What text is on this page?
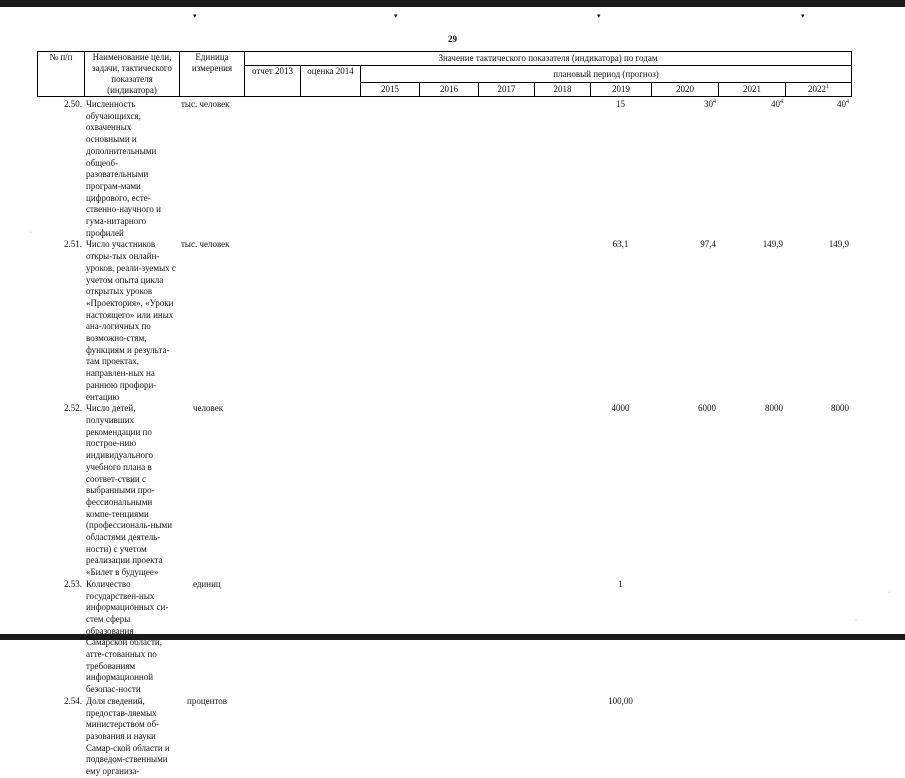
▾	▾	▾	▾
·
·
·
29
№ п/п	Наименование цели, задачи, тактического показателя (индикатора)	Единица измерения	Значение тактического показателя (индикатора) по годам									
			отчет 2013	оценка 2014	плановый период (прогноз)							
					2015	2016	2017	2018	2019	2020	2021	2022$^1$
2.50.	Численность обучающихся, охваченных основными и дополнительными общеоб-разовательными програм-мами цифрового, есте-ственно-научного и гума-нитарного профилей	тыс. человек							15	$30^4$	$40^4$	$40^4$
2.51.	Число участников откры-тых онлайн-уроков, реали-зуемых с учетом опыта цикла открытых уроков «Проектория», «Уроки настоящего» или иных ана-логичных по возможно-стям, функциям и результа-там проектах, направлен-ных на раннюю профори-ентацию	тыс. человек							63,1	97,4	149,9	149,9
2.52.	Число детей, получивших рекомендации по построе-нию индивидуального учебного плана в соответ-ствии с выбранными про-фессиональными компе-тенциями (профессиональ-ными областями деятель-ности) с учетом реализации проекта «Билет в будущее»	человек							4000	6000	8000	8000
2.53.	Количество государствен-ных информационных си-стем сферы образования Самарской области, атте-стованных по требованиям информационной безопас-ности	единиц							1			
2.54.	Доля сведений, предостав-ляемых министерством об-разования и науки Самар-ской области и подведом-ственными ему организа-	процентов							100,00			
